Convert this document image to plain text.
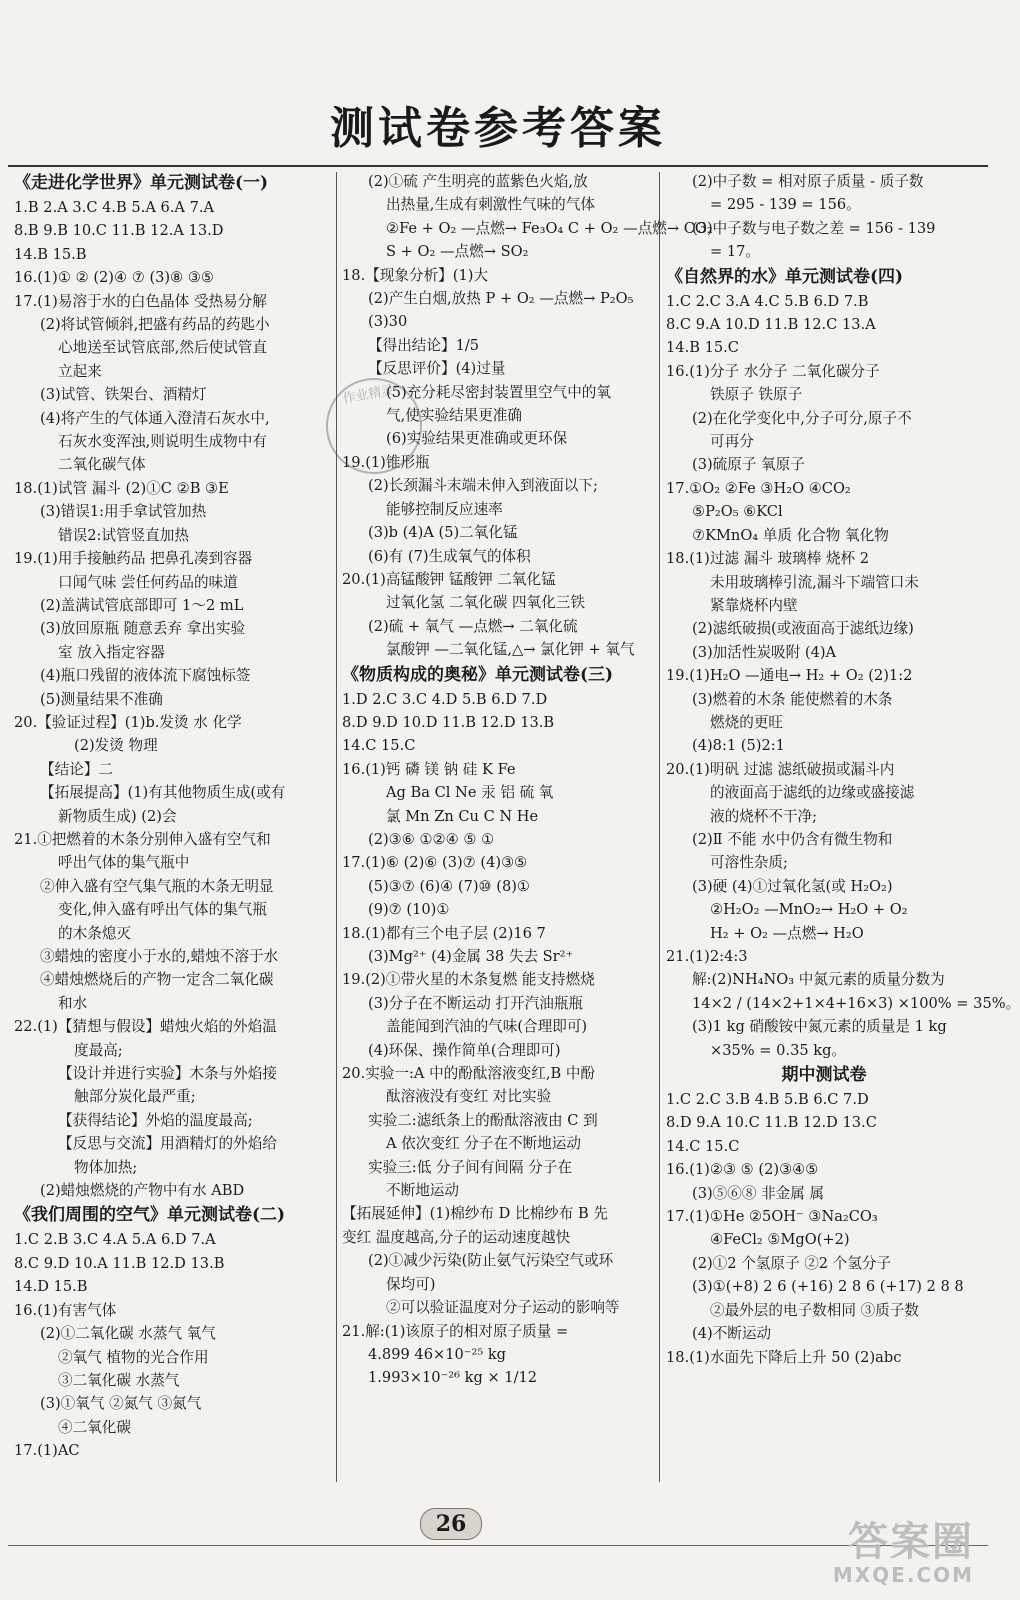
测试卷参考答案
《走进化学世界》单元测试卷(一)
1.B 2.A 3.C 4.B 5.A 6.A 7.A
8.B 9.B 10.C 11.B 12.A 13.D
14.B 15.B
16.(1)① ② (2)④ ⑦ (3)⑧ ③⑤
17.(1)易溶于水的白色晶体 受热易分解
(2)将试管倾斜,把盛有药品的药匙小
心地送至试管底部,然后使试管直
立起来
(3)试管、铁架台、酒精灯
(4)将产生的气体通入澄清石灰水中,
石灰水变浑浊,则说明生成物中有
二氧化碳气体
18.(1)试管 漏斗 (2)①C ②B ③E
(3)错误1:用手拿试管加热
错误2:试管竖直加热
19.(1)用手接触药品 把鼻孔凑到容器
口闻气味 尝任何药品的味道
(2)盖满试管底部即可 1～2 mL
(3)放回原瓶 随意丢弃 拿出实验
室 放入指定容器
(4)瓶口残留的液体流下腐蚀标签
(5)测量结果不准确
20.【验证过程】(1)b.发烫 水 化学
(2)发烫 物理
【结论】二
【拓展提高】(1)有其他物质生成(或有
新物质生成) (2)会
21.①把燃着的木条分别伸入盛有空气和
呼出气体的集气瓶中
②伸入盛有空气集气瓶的木条无明显
变化,伸入盛有呼出气体的集气瓶
的木条熄灭
③蜡烛的密度小于水的,蜡烛不溶于水
④蜡烛燃烧后的产物一定含二氧化碳
和水
22.(1)【猜想与假设】蜡烛火焰的外焰温
度最高;
【设计并进行实验】木条与外焰接
触部分炭化最严重;
【获得结论】外焰的温度最高;
【反思与交流】用酒精灯的外焰给
物体加热;
(2)蜡烛燃烧的产物中有水 ABD
《我们周围的空气》单元测试卷(二)
1.C 2.B 3.C 4.A 5.A 6.D 7.A
8.C 9.D 10.A 11.B 12.D 13.B
14.D 15.B
16.(1)有害气体
(2)①二氧化碳 水蒸气 氧气
②氧气 植物的光合作用
③二氧化碳 水蒸气
(3)①氧气 ②氮气 ③氮气
④二氧化碳
17.(1)AC
(2)①硫 产生明亮的蓝紫色火焰,放
出热量,生成有刺激性气味的气体
②Fe + O₂ —点燃→ Fe₃O₄ C + O₂ —点燃→ CO₂
S + O₂ —点燃→ SO₂
18.【现象分析】(1)大
(2)产生白烟,放热 P + O₂ —点燃→ P₂O₅
(3)30
【得出结论】1/5
【反思评价】(4)过量
(5)充分耗尽密封装置里空气中的氧
气,使实验结果更准确
(6)实验结果更准确或更环保
19.(1)锥形瓶
(2)长颈漏斗末端未伸入到液面以下;
能够控制反应速率
(3)b (4)A (5)二氧化锰
(6)有 (7)生成氧气的体积
20.(1)高锰酸钾 锰酸钾 二氧化锰
过氧化氢 二氧化碳 四氧化三铁
(2)硫 + 氧气 —点燃→ 二氧化硫
氯酸钾 —二氧化锰,△→ 氯化钾 + 氧气
《物质构成的奥秘》单元测试卷(三)
1.D 2.C 3.C 4.D 5.B 6.D 7.D
8.D 9.D 10.D 11.B 12.D 13.B
14.C 15.C
16.(1)钙 磷 镁 钠 硅 K Fe
Ag Ba Cl Ne 汞 铝 硫 氧
氯 Mn Zn Cu C N He
(2)③⑥ ①②④ ⑤ ①
17.(1)⑥ (2)⑥ (3)⑦ (4)③⑤
(5)③⑦ (6)④ (7)⑩ (8)①
(9)⑦ (10)①
18.(1)都有三个电子层 (2)16 7
(3)Mg²⁺ (4)金属 38 失去 Sr²⁺
19.(2)①带火星的木条复燃 能支持燃烧
(3)分子在不断运动 打开汽油瓶瓶
盖能闻到汽油的气味(合理即可)
(4)环保、操作简单(合理即可)
20.实验一:A 中的酚酞溶液变红,B 中酚
酞溶液没有变红 对比实验
实验二:滤纸条上的酚酞溶液由 C 到
A 依次变红 分子在不断地运动
实验三:低 分子间有间隔 分子在
不断地运动
【拓展延伸】(1)棉纱布 D 比棉纱布 B 先
变红 温度越高,分子的运动速度越快
(2)①减少污染(防止氨气污染空气或环
保均可)
②可以验证温度对分子运动的影响等
21.解:(1)该原子的相对原子质量 =
4.899 46×10⁻²⁵ kg
1.993×10⁻²⁶ kg × 1/12
(2)中子数 = 相对原子质量 - 质子数
= 295 - 139 = 156。
(3)中子数与电子数之差 = 156 - 139
= 17。
《自然界的水》单元测试卷(四)
1.C 2.C 3.A 4.C 5.B 6.D 7.B
8.C 9.A 10.D 11.B 12.C 13.A
14.B 15.C
16.(1)分子 水分子 二氧化碳分子
铁原子 铁原子
(2)在化学变化中,分子可分,原子不
可再分
(3)硫原子 氧原子
17.①O₂ ②Fe ③H₂O ④CO₂
⑤P₂O₅ ⑥KCl
⑦KMnO₄ 单质 化合物 氧化物
18.(1)过滤 漏斗 玻璃棒 烧杯 2
未用玻璃棒引流,漏斗下端管口未
紧靠烧杯内壁
(2)滤纸破损(或液面高于滤纸边缘)
(3)加活性炭吸附 (4)A
19.(1)H₂O —通电→ H₂ + O₂ (2)1:2
(3)燃着的木条 能使燃着的木条
燃烧的更旺
(4)8:1 (5)2:1
20.(1)明矾 过滤 滤纸破损或漏斗内
的液面高于滤纸的边缘或盛接滤
液的烧杯不干净;
(2)Ⅱ 不能 水中仍含有微生物和
可溶性杂质;
(3)硬 (4)①过氧化氢(或 H₂O₂)
②H₂O₂ —MnO₂→ H₂O + O₂
H₂ + O₂ —点燃→ H₂O
21.(1)2:4:3
解:(2)NH₄NO₃ 中氮元素的质量分数为
14×2 / (14×2+1×4+16×3) ×100% = 35%。
(3)1 kg 硝酸铵中氮元素的质量是 1 kg
×35% = 0.35 kg。
期中测试卷
1.C 2.C 3.B 4.B 5.B 6.C 7.D
8.D 9.A 10.C 11.B 12.D 13.C
14.C 15.C
16.(1)②③ ⑤ (2)③④⑤
(3)⑤⑥⑧ 非金属 属
17.(1)①He ②5OH⁻ ③Na₂CO₃
④FeCl₂ ⑤MgO(+2)
(2)①2 个氢原子 ②2 个氢分子
(3)①(+8) 2 6 (+16) 2 8 6 (+17) 2 8 8
②最外层的电子数相同 ③质子数
(4)不断运动
18.(1)水面先下降后上升 50 (2)abc
作业精灵
26	答案圈
MXQE.COM
